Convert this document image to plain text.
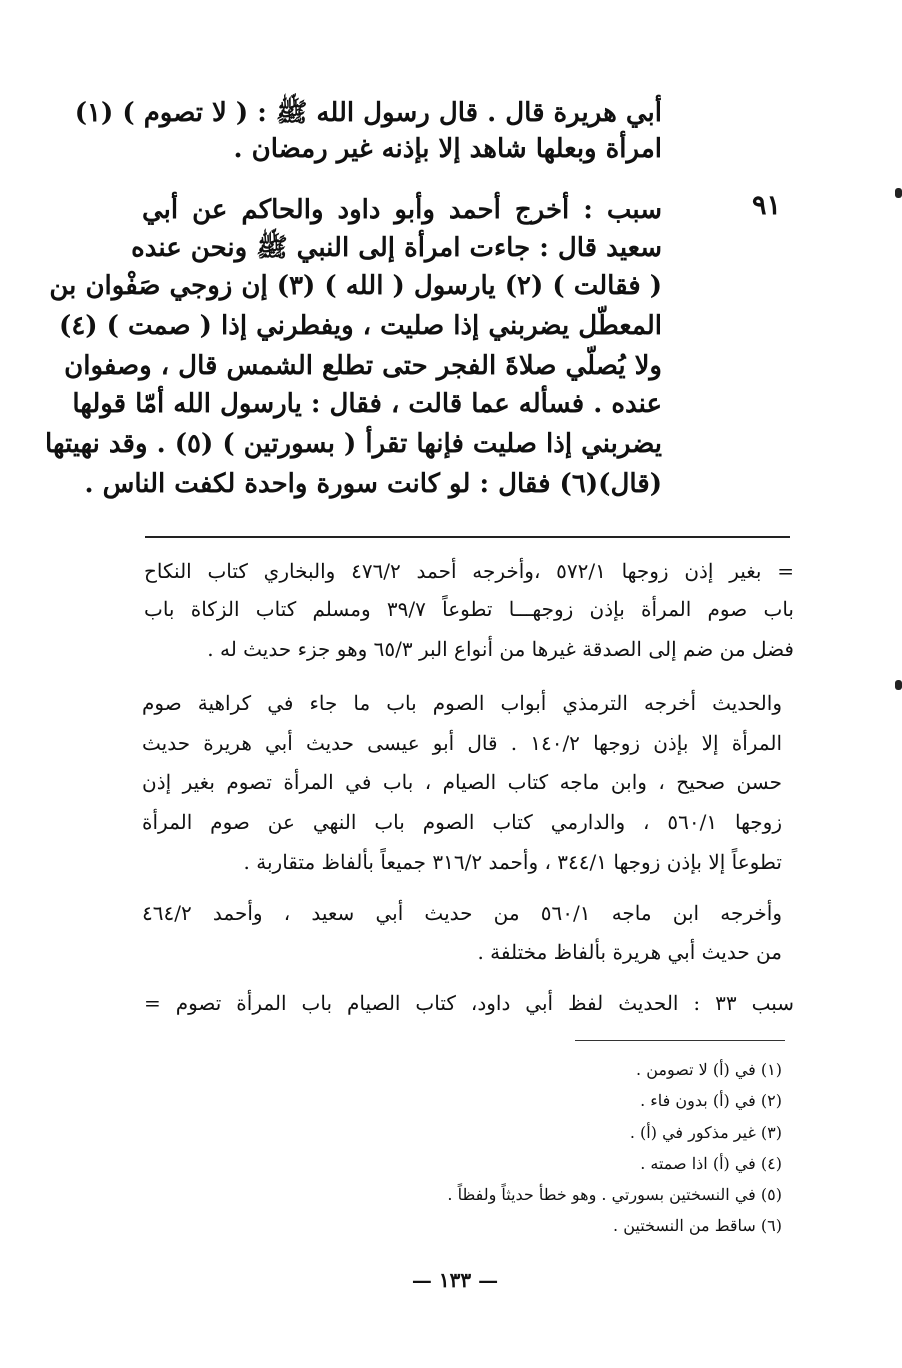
أبي هريرة قال . قال رسول الله ﷺ : ( لا تصوم ) (١)
امرأة وبعلها شاهد إلا بإذنه غير رمضان .
٩١
سبب : أخرج أحمد وأبو داود والحاكم عن أبي
سعيد قال : جاءت امرأة إلى النبي ﷺ ونحن عنده
( فقالت ) (٢) يارسول ( الله ) (٣) إن زوجي صَفْوان بن
المعطّل يضربني إذا صليت ، ويفطرني إذا ( صمت ) (٤)
ولا يُصلّي صلاةَ الفجر حتى تطلع الشمس قال ، وصفوان
عنده . فسأله عما قالت ، فقال : يارسول الله أمّا قولها
يضربني إذا صليت فإنها تقرأ ( بسورتين ) (٥) . وقد نهيتها
(قال)(٦) فقال : لو كانت سورة واحدة لكفت الناس .
= بغير إذن زوجها ٥٧٢/١ ،وأخرجه أحمد ٤٧٦/٢ والبخاري كتاب النكاح
باب صوم المرأة بإذن زوجهـــا تطوعاً ٣٩/٧ ومسلم كتاب الزكاة باب
فضل من ضم إلى الصدقة غيرها من أنواع البر ٦٥/٣ وهو جزء حديث له .
والحديث أخرجه الترمذي أبواب الصوم باب ما جاء في كراهية صوم
المرأة إلا بإذن زوجها ١٤٠/٢ . قال أبو عيسى حديث أبي هريرة حديث
حسن صحيح ، وابن ماجه كتاب الصيام ، باب في المرأة تصوم بغير إذن
زوجها ٥٦٠/١ ، والدارمي كتاب الصوم باب النهي عن صوم المرأة
تطوعاً إلا بإذن زوجها ٣٤٤/١ ، وأحمد ٣١٦/٢ جميعاً بألفاظ متقاربة .
وأخرجه ابن ماجه ٥٦٠/١ من حديث أبي سعيد ، وأحمد ٤٦٤/٢
من حديث أبي هريرة بألفاظ مختلفة .
سبب ٣٣ : الحديث لفظ أبي داود، كتاب الصيام باب المرأة تصوم =
(١) في (أ) لا تصومن .
(٢) في (أ) بدون فاء .
(٣) غير مذكور في (أ) .
(٤) في (أ) اذا صمته .
(٥) في النسختين بسورتي . وهو خطأ حديثاً ولفظاً .
(٦) ساقط من النسختين .
— ١٣٣ —
